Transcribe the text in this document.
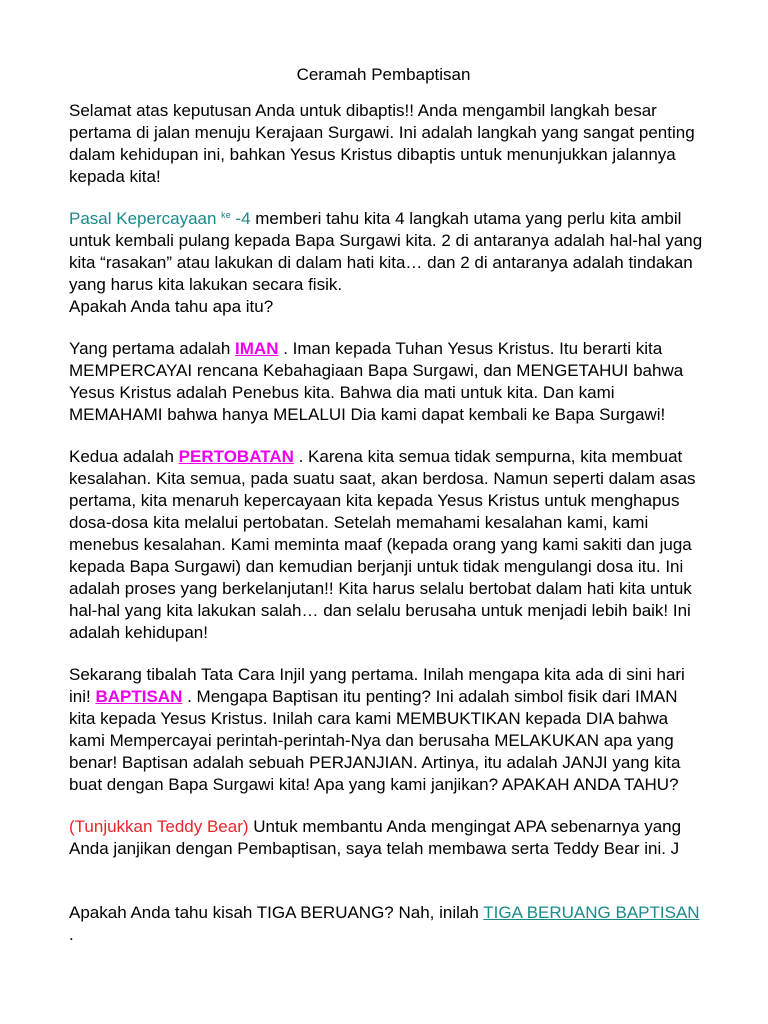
Ceramah Pembaptisan

Selamat atas keputusan Anda untuk dibaptis!! Anda mengambil langkah besar pertama di jalan menuju Kerajaan Surgawi. Ini adalah langkah yang sangat penting dalam kehidupan ini, bahkan Yesus Kristus dibaptis untuk menunjukkan jalannya kepada kita!

Pasal Kepercayaan $^{ke}$ -4 memberi tahu kita 4 langkah utama yang perlu kita ambil untuk kembali pulang kepada Bapa Surgawi kita. 2 di antaranya adalah hal-hal yang kita “rasakan” atau lakukan di dalam hati kita… dan 2 di antaranya adalah tindakan yang harus kita lakukan secara fisik.
Apakah Anda tahu apa itu?

Yang pertama adalah IMAN . Iman kepada Tuhan Yesus Kristus. Itu berarti kita MEMPERCAYAI rencana Kebahagiaan Bapa Surgawi, dan MENGETAHUI bahwa Yesus Kristus adalah Penebus kita. Bahwa dia mati untuk kita. Dan kami MEMAHAMI bahwa hanya MELALUI Dia kami dapat kembali ke Bapa Surgawi!

Kedua adalah PERTOBATAN . Karena kita semua tidak sempurna, kita membuat kesalahan. Kita semua, pada suatu saat, akan berdosa. Namun seperti dalam asas pertama, kita menaruh kepercayaan kita kepada Yesus Kristus untuk menghapus dosa-dosa kita melalui pertobatan. Setelah memahami kesalahan kami, kami menebus kesalahan. Kami meminta maaf (kepada orang yang kami sakiti dan juga kepada Bapa Surgawi) dan kemudian berjanji untuk tidak mengulangi dosa itu. Ini adalah proses yang berkelanjutan!! Kita harus selalu bertobat dalam hati kita untuk hal-hal yang kita lakukan salah… dan selalu berusaha untuk menjadi lebih baik! Ini adalah kehidupan!

Sekarang tibalah Tata Cara Injil yang pertama. Inilah mengapa kita ada di sini hari ini! BAPTISAN . Mengapa Baptisan itu penting? Ini adalah simbol fisik dari IMAN kita kepada Yesus Kristus. Inilah cara kami MEMBUKTIKAN kepada DIA bahwa kami Mempercayai perintah-perintah-Nya dan berusaha MELAKUKAN apa yang benar! Baptisan adalah sebuah PERJANJIAN. Artinya, itu adalah JANJI yang kita buat dengan Bapa Surgawi kita! Apa yang kami janjikan? APAKAH ANDA TAHU?

(Tunjukkan Teddy Bear) Untuk membantu Anda mengingat APA sebenarnya yang Anda janjikan dengan Pembaptisan, saya telah membawa serta Teddy Bear ini. J

Apakah Anda tahu kisah TIGA BERUANG? Nah, inilah TIGA BERUANG BAPTISAN .
